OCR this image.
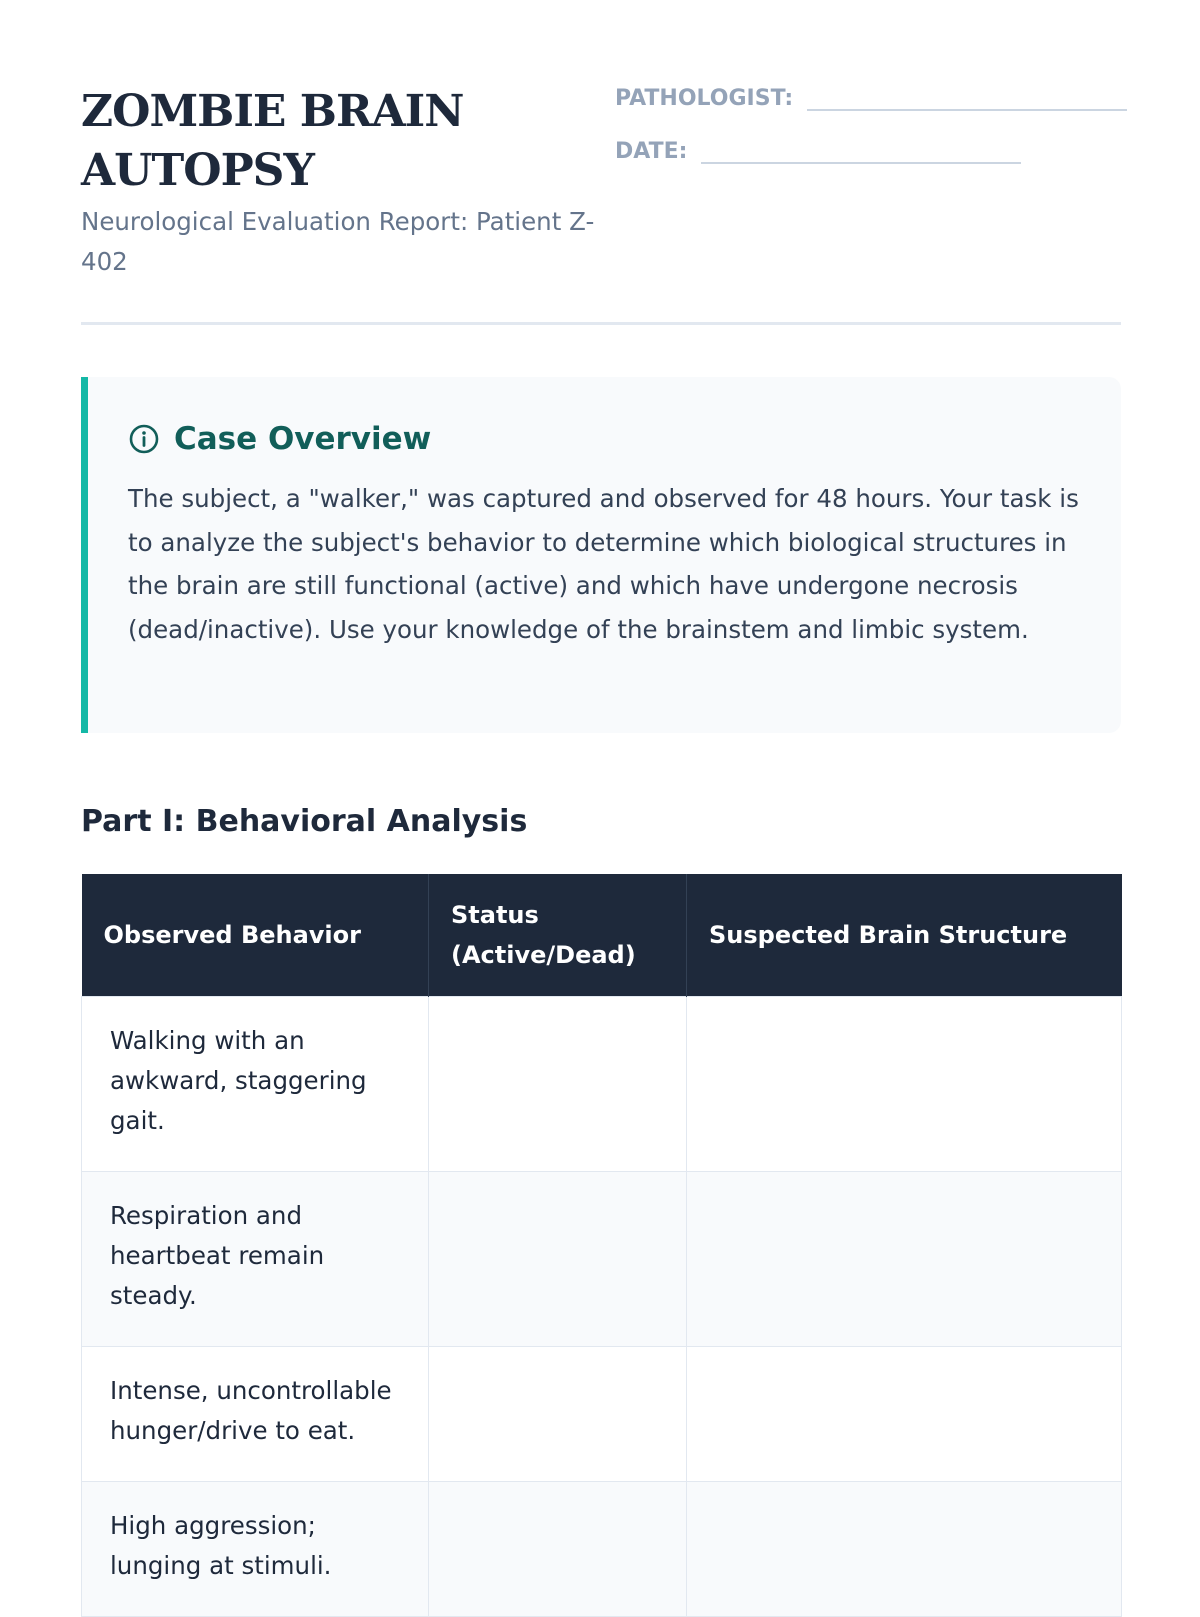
ZOMBIE BRAIN AUTOPSY
Neurological Evaluation Report: Patient Z-402
PATHOLOGIST:
DATE:
Case Overview
The subject, a "walker," was captured and observed for 48 hours. Your task is to analyze the subject's behavior to determine which biological structures in the brain are still functional (active) and which have undergone necrosis (dead/inactive). Use your knowledge of the brainstem and limbic system.
Part I: Behavioral Analysis
Observed Behavior	Status (Active/Dead)	Suspected Brain Structure
Walking with an awkward, staggering gait.		
Respiration and heartbeat remain steady.		
Intense, uncontrollable hunger/drive to eat.		
High aggression; lunging at stimuli.		
